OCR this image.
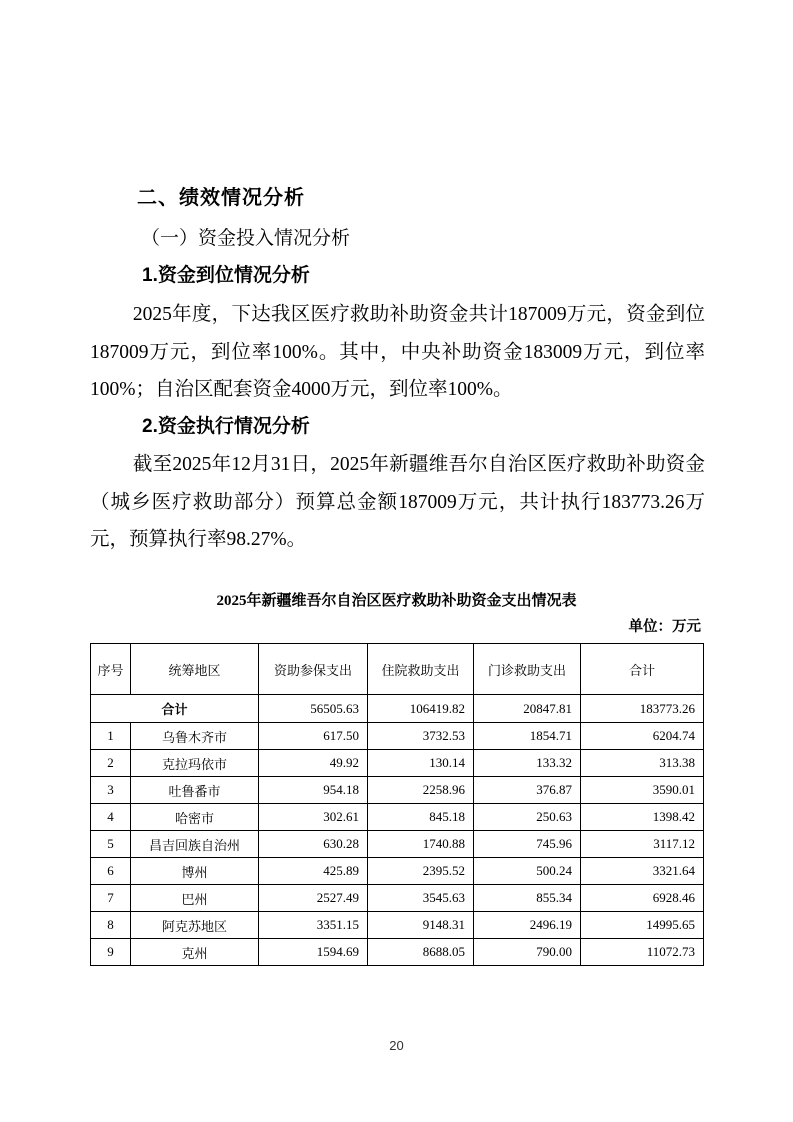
二、绩效情况分析
（一）资金投入情况分析
1.资金到位情况分析

2025年度，下达我区医疗救助补助资金共计187009万元，资金到位187009万元，到位率100%。其中，中央补助资金183009万元，到位率100%；自治区配套资金4000万元，到位率100%。

2.资金执行情况分析

截至2025年12月31日，2025年新疆维吾尔自治区医疗救助补助资金（城乡医疗救助部分）预算总金额187009万元，共计执行183773.26万元，预算执行率98.27%。

2025年新疆维吾尔自治区医疗救助补助资金支出情况表
单位：万元
序号	统筹地区	资助参保支出	住院救助支出	门诊救助支出	合计
合计		56505.63	106419.82	20847.81	183773.26
1	乌鲁木齐市	617.50	3732.53	1854.71	6204.74
2	克拉玛依市	49.92	130.14	133.32	313.38
3	吐鲁番市	954.18	2258.96	376.87	3590.01
4	哈密市	302.61	845.18	250.63	1398.42
5	昌吉回族自治州	630.28	1740.88	745.96	3117.12
6	博州	425.89	2395.52	500.24	3321.64
7	巴州	2527.49	3545.63	855.34	6928.46
8	阿克苏地区	3351.15	9148.31	2496.19	14995.65
9	克州	1594.69	8688.05	790.00	11072.73
20
